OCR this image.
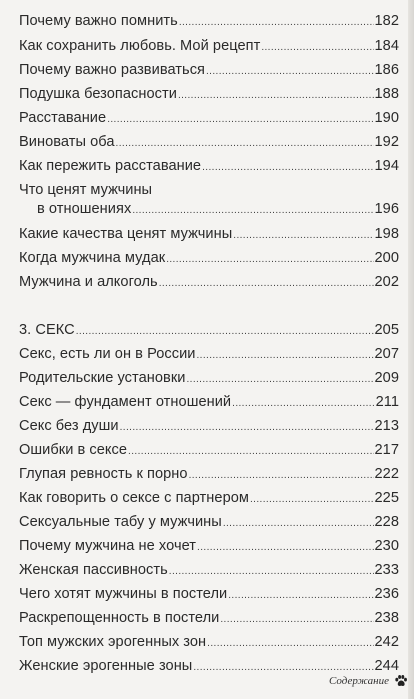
Почему важно помнить .....	182
Как сохранить любовь. Мой рецепт .....	184
Почему важно развиваться .....	186
Подушка безопасности .....	188
Расставание .....	190
Виноваты оба .....	192
Как пережить расставание .....	194
Что ценят мужчины
в отношениях .....	196
Какие качества ценят мужчины .....	198
Когда мужчина мудак .....	200
Мужчина и алкоголь .....	202
3. СЕКС .....	205
Секс, есть ли он в России .....	207
Родительские установки .....	209
Секс — фундамент отношений .....	211
Секс без души .....	213
Ошибки в сексе .....	217
Глупая ревность к порно .....	222
Как говорить о сексе с партнером .....	225
Сексуальные табу у мужчины .....	228
Почему мужчина не хочет .....	230
Женская пассивность .....	233
Чего хотят мужчины в постели .....	236
Раскрепощенность в постели .....	238
Топ мужских эрогенных зон .....	242
Женские эрогенные зоны .....	244
Содержание
